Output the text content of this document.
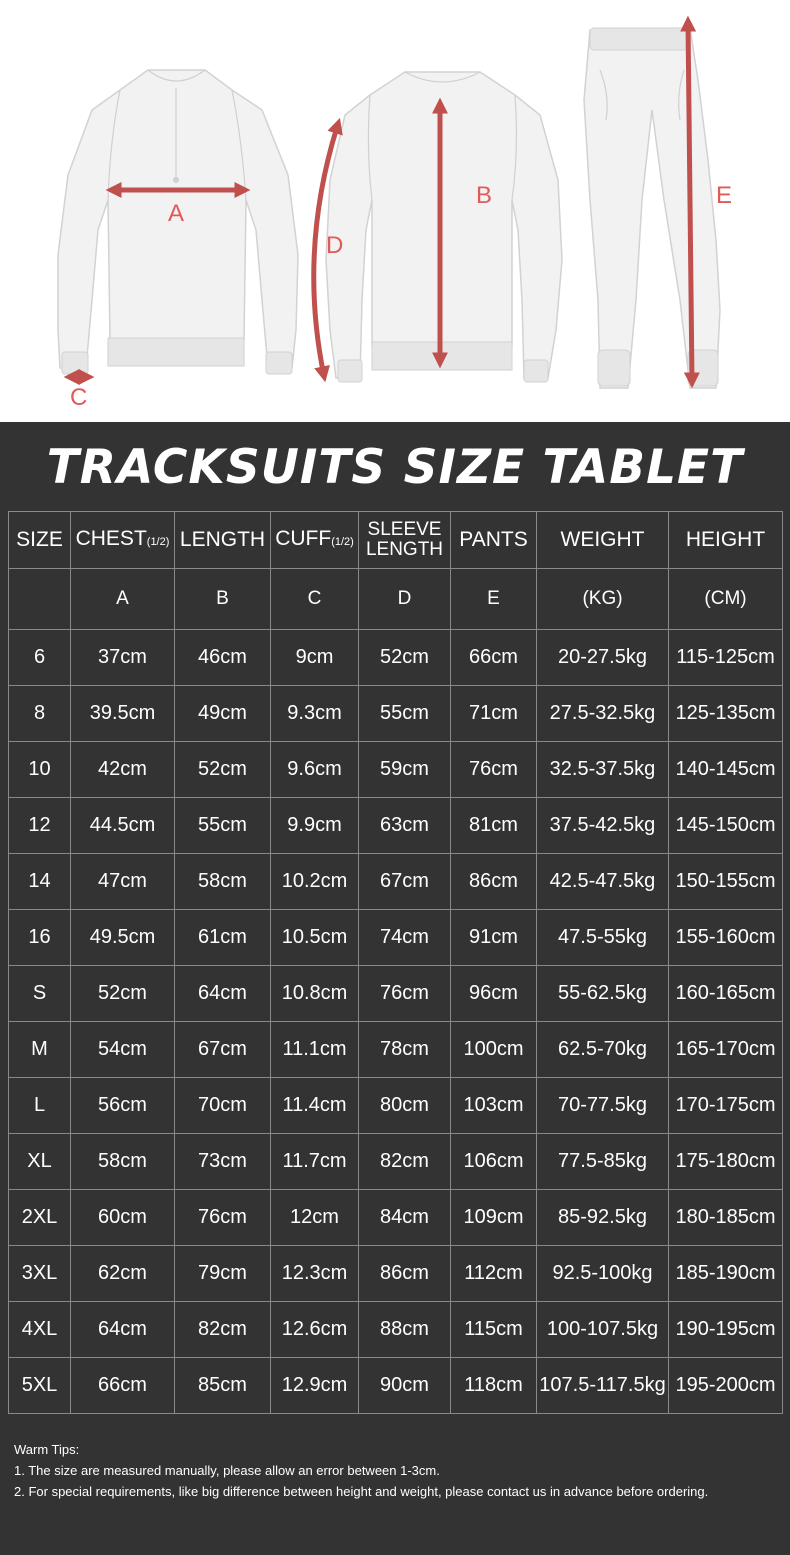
A
B
C
D
E
TRACKSUITS SIZE TABLET
SIZE	CHEST(1/2)	LENGTH	CUFF(1/2)	SLEEVE
LENGTH	PANTS	WEIGHT	HEIGHT
	A	B	C	D	E	(KG)	(CM)
6	37cm	46cm	9cm	52cm	66cm	20-27.5kg	115-125cm
8	39.5cm	49cm	9.3cm	55cm	71cm	27.5-32.5kg	125-135cm
10	42cm	52cm	9.6cm	59cm	76cm	32.5-37.5kg	140-145cm
12	44.5cm	55cm	9.9cm	63cm	81cm	37.5-42.5kg	145-150cm
14	47cm	58cm	10.2cm	67cm	86cm	42.5-47.5kg	150-155cm
16	49.5cm	61cm	10.5cm	74cm	91cm	47.5-55kg	155-160cm
S	52cm	64cm	10.8cm	76cm	96cm	55-62.5kg	160-165cm
M	54cm	67cm	11.1cm	78cm	100cm	62.5-70kg	165-170cm
L	56cm	70cm	11.4cm	80cm	103cm	70-77.5kg	170-175cm
XL	58cm	73cm	11.7cm	82cm	106cm	77.5-85kg	175-180cm
2XL	60cm	76cm	12cm	84cm	109cm	85-92.5kg	180-185cm
3XL	62cm	79cm	12.3cm	86cm	112cm	92.5-100kg	185-190cm
4XL	64cm	82cm	12.6cm	88cm	115cm	100-107.5kg	190-195cm
5XL	66cm	85cm	12.9cm	90cm	118cm	107.5-117.5kg	195-200cm
Warm Tips:
1. The size are measured manually, please allow an error between 1-3cm.
2. For special requirements, like big difference between height and weight, please contact us in advance before ordering.
